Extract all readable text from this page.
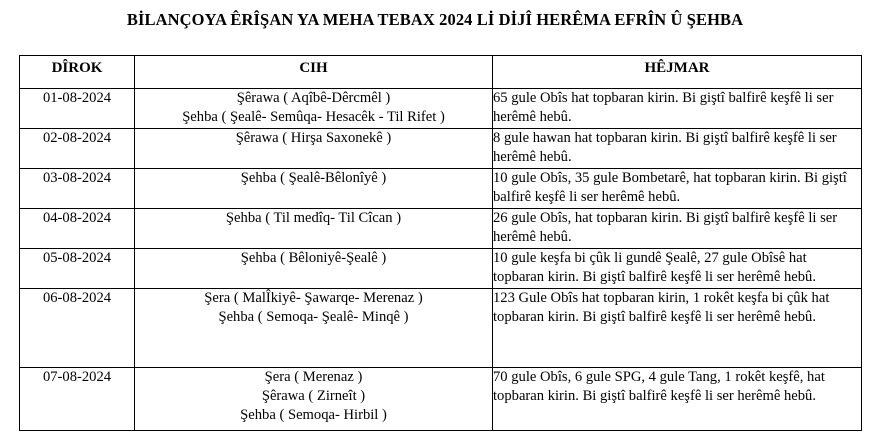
BİLANÇOYA ÊRÎŞAN YA MEHA TEBAX 2024 Lİ DİJÎ HERÊMA EFRÎN Û ŞEHBA
DÎROK	CIH	HÊJMAR

01-08-2024	Şêrawa ( Aqîbê-Dêrcmêl )
Şehba ( Şealê- Semûqa- Hesacêk - Til Rifet )	65 gule Obîs hat topbaran kirin. Bi giştî balfirê keşfê li ser herêmê hebû.

02-08-2024	Şêrawa ( Hirşa Saxonekê )	8 gule hawan hat topbaran kirin. Bi giştî balfirê keşfê li ser herêmê hebû.

03-08-2024	Şehba ( Şealê-Bêlonîyê )	10 gule Obîs, 35 gule Bombetarê, hat topbaran kirin. Bi giştî balfirê keşfê li ser herêmê hebû.

04-08-2024	Şehba ( Til medîq- Til Cîcan )	26 gule Obîs, hat topbaran kirin. Bi giştî balfirê keşfê li ser herêmê hebû.

05-08-2024	Şehba ( Bêloniyê-Şealê )	10 gule keşfa bi çûk li gundê Şealê, 27 gule Obîsê hat topbaran kirin. Bi giştî balfirê keşfê li ser herêmê hebû.

06-08-2024	Şera ( MalÎkiyê- Şawarqe- Merenaz )
Şehba ( Semoqa- Şealê- Minqê )	123 Gule Obîs hat topbaran kirin, 1 rokêt keşfa bi çûk hat topbaran kirin. Bi giştî balfirê keşfê li ser herêmê hebû.

07-08-2024	Şera ( Merenaz )
Şêrawa ( Zirneît )
Şehba ( Semoqa- Hirbil )	70 gule Obîs, 6 gule SPG, 4 gule Tang, 1 rokêt keşfê, hat topbaran kirin. Bi giştî balfirê keşfê li ser herêmê hebû.
